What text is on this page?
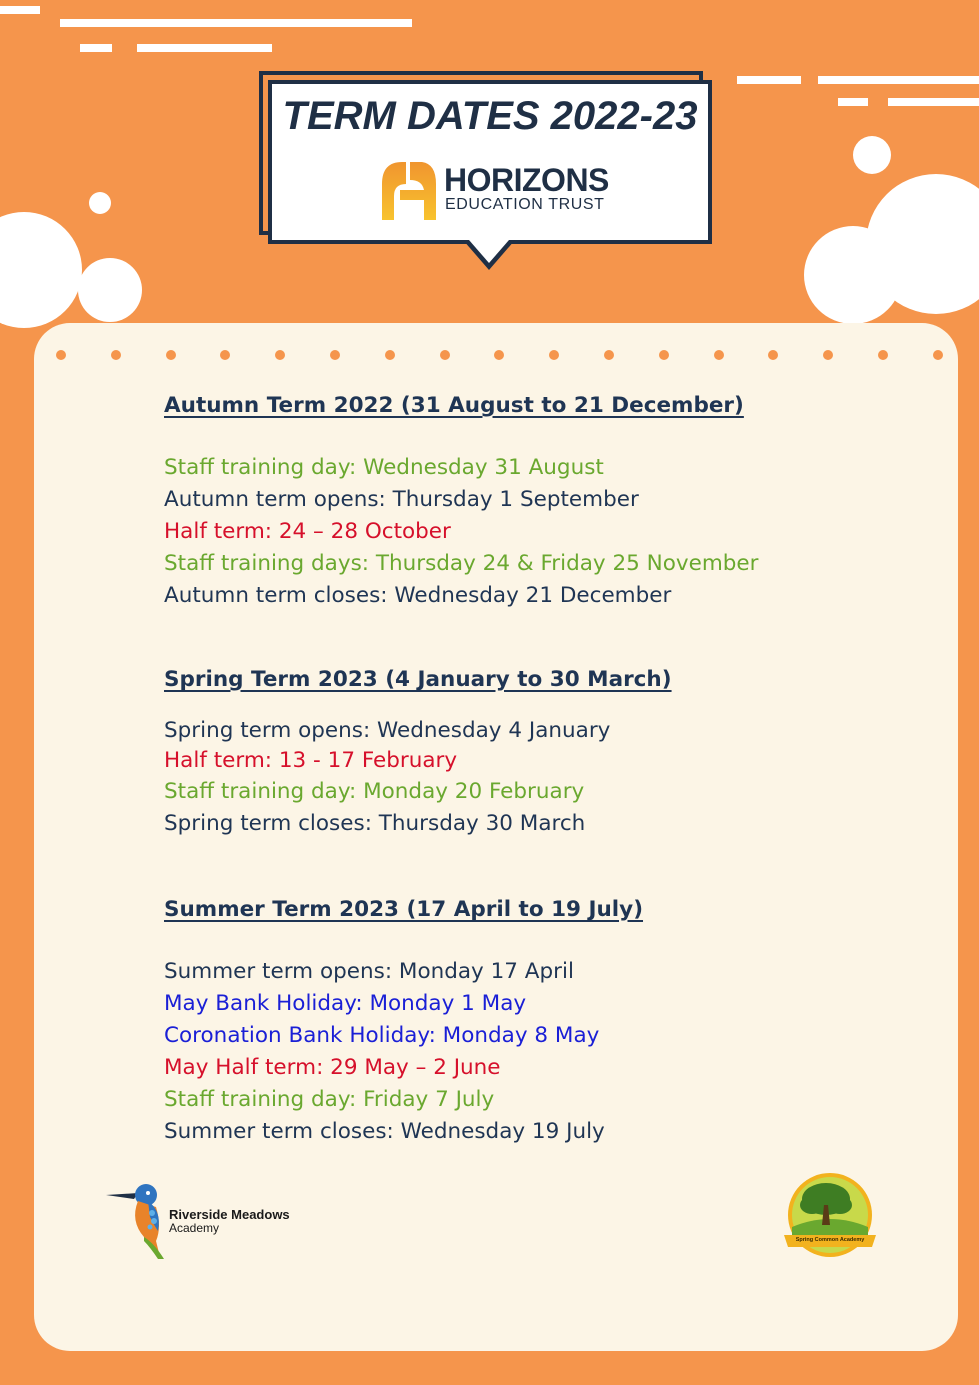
TERM DATES 2022-23
HORIZONS
EDUCATION TRUST

Autumn Term 2022 (31 August to 21 December)

Staff training day: Wednesday 31 August

Autumn term opens: Thursday 1 September

Half term: 24 – 28 October

Staff training days: Thursday 24 & Friday 25 November

Autumn term closes: Wednesday 21 December

Spring Term 2023 (4 January to 30 March)

Spring term opens: Wednesday 4 January

Half term: 13 - 17 February

Staff training day: Monday 20 February

Spring term closes: Thursday 30 March

Summer Term 2023 (17 April to 19 July)

Summer term opens: Monday 17 April

May Bank Holiday: Monday 1 May

Coronation Bank Holiday: Monday 8 May

May Half term: 29 May – 2 June

Staff training day: Friday 7 July

Summer term closes: Wednesday 19 July

Riverside Meadows
Academy
Spring Common Academy
